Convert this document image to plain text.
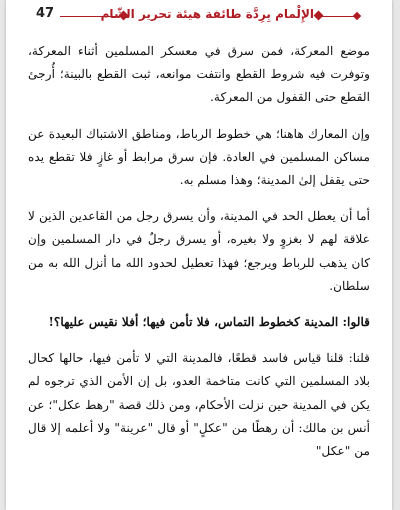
47	الإِلْمام بِرِدَّة طائفة هيئة تحرير الشّام

موضع المعركة، فمن سرق في معسكر المسلمين أثناء المعركة، وتوفرت فيه شروط القطع وانتفت موانعه، ثبت القطع بالبينة؛ أُرجئ القطع حتى القفول من المعركة.

وإن المعارك هاهنا؛ هي خطوط الرباط، ومناطق الاشتباك البعيدة عن مساكن المسلمين في العادة. فإن سرق مرابط أو غازٍ فلا تقطع يده حتى يقفل إلىٰ المدينة؛ وهذا مسلم به.

أما أن يعطل الحد في المدينة، وأن يسرق رجل من القاعدين الذين لا علاقة لهم لا بغزوٍ ولا بغيره، أو يسرق رجلٌ في دار المسلمين وإن كان يذهب للرباط ويرجع؛ فهذا تعطيل لحدود الله ما أنزل الله به من سلطان.

قالوا: المدينة كخطوط التماس، فلا تأمن فيها؛ أفلا نقيس عليها؟!

قلنا: قلنا قياس فاسد قطعًا، فالمدينة التي لا تأمن فيها، حالها كحال بلاد المسلمين التي كانت متاخمة العدو، بل إن الأمن الذي ترجوه لم يكن في المدينة حين نزلت الأحكام، ومن ذلك قصة "رهط عكل"؛ عن أنس بن مالك: أن رهطًا من "عكلٍ" أو قال "عرينة" ولا أعلمه إلا قال من "عكل"
